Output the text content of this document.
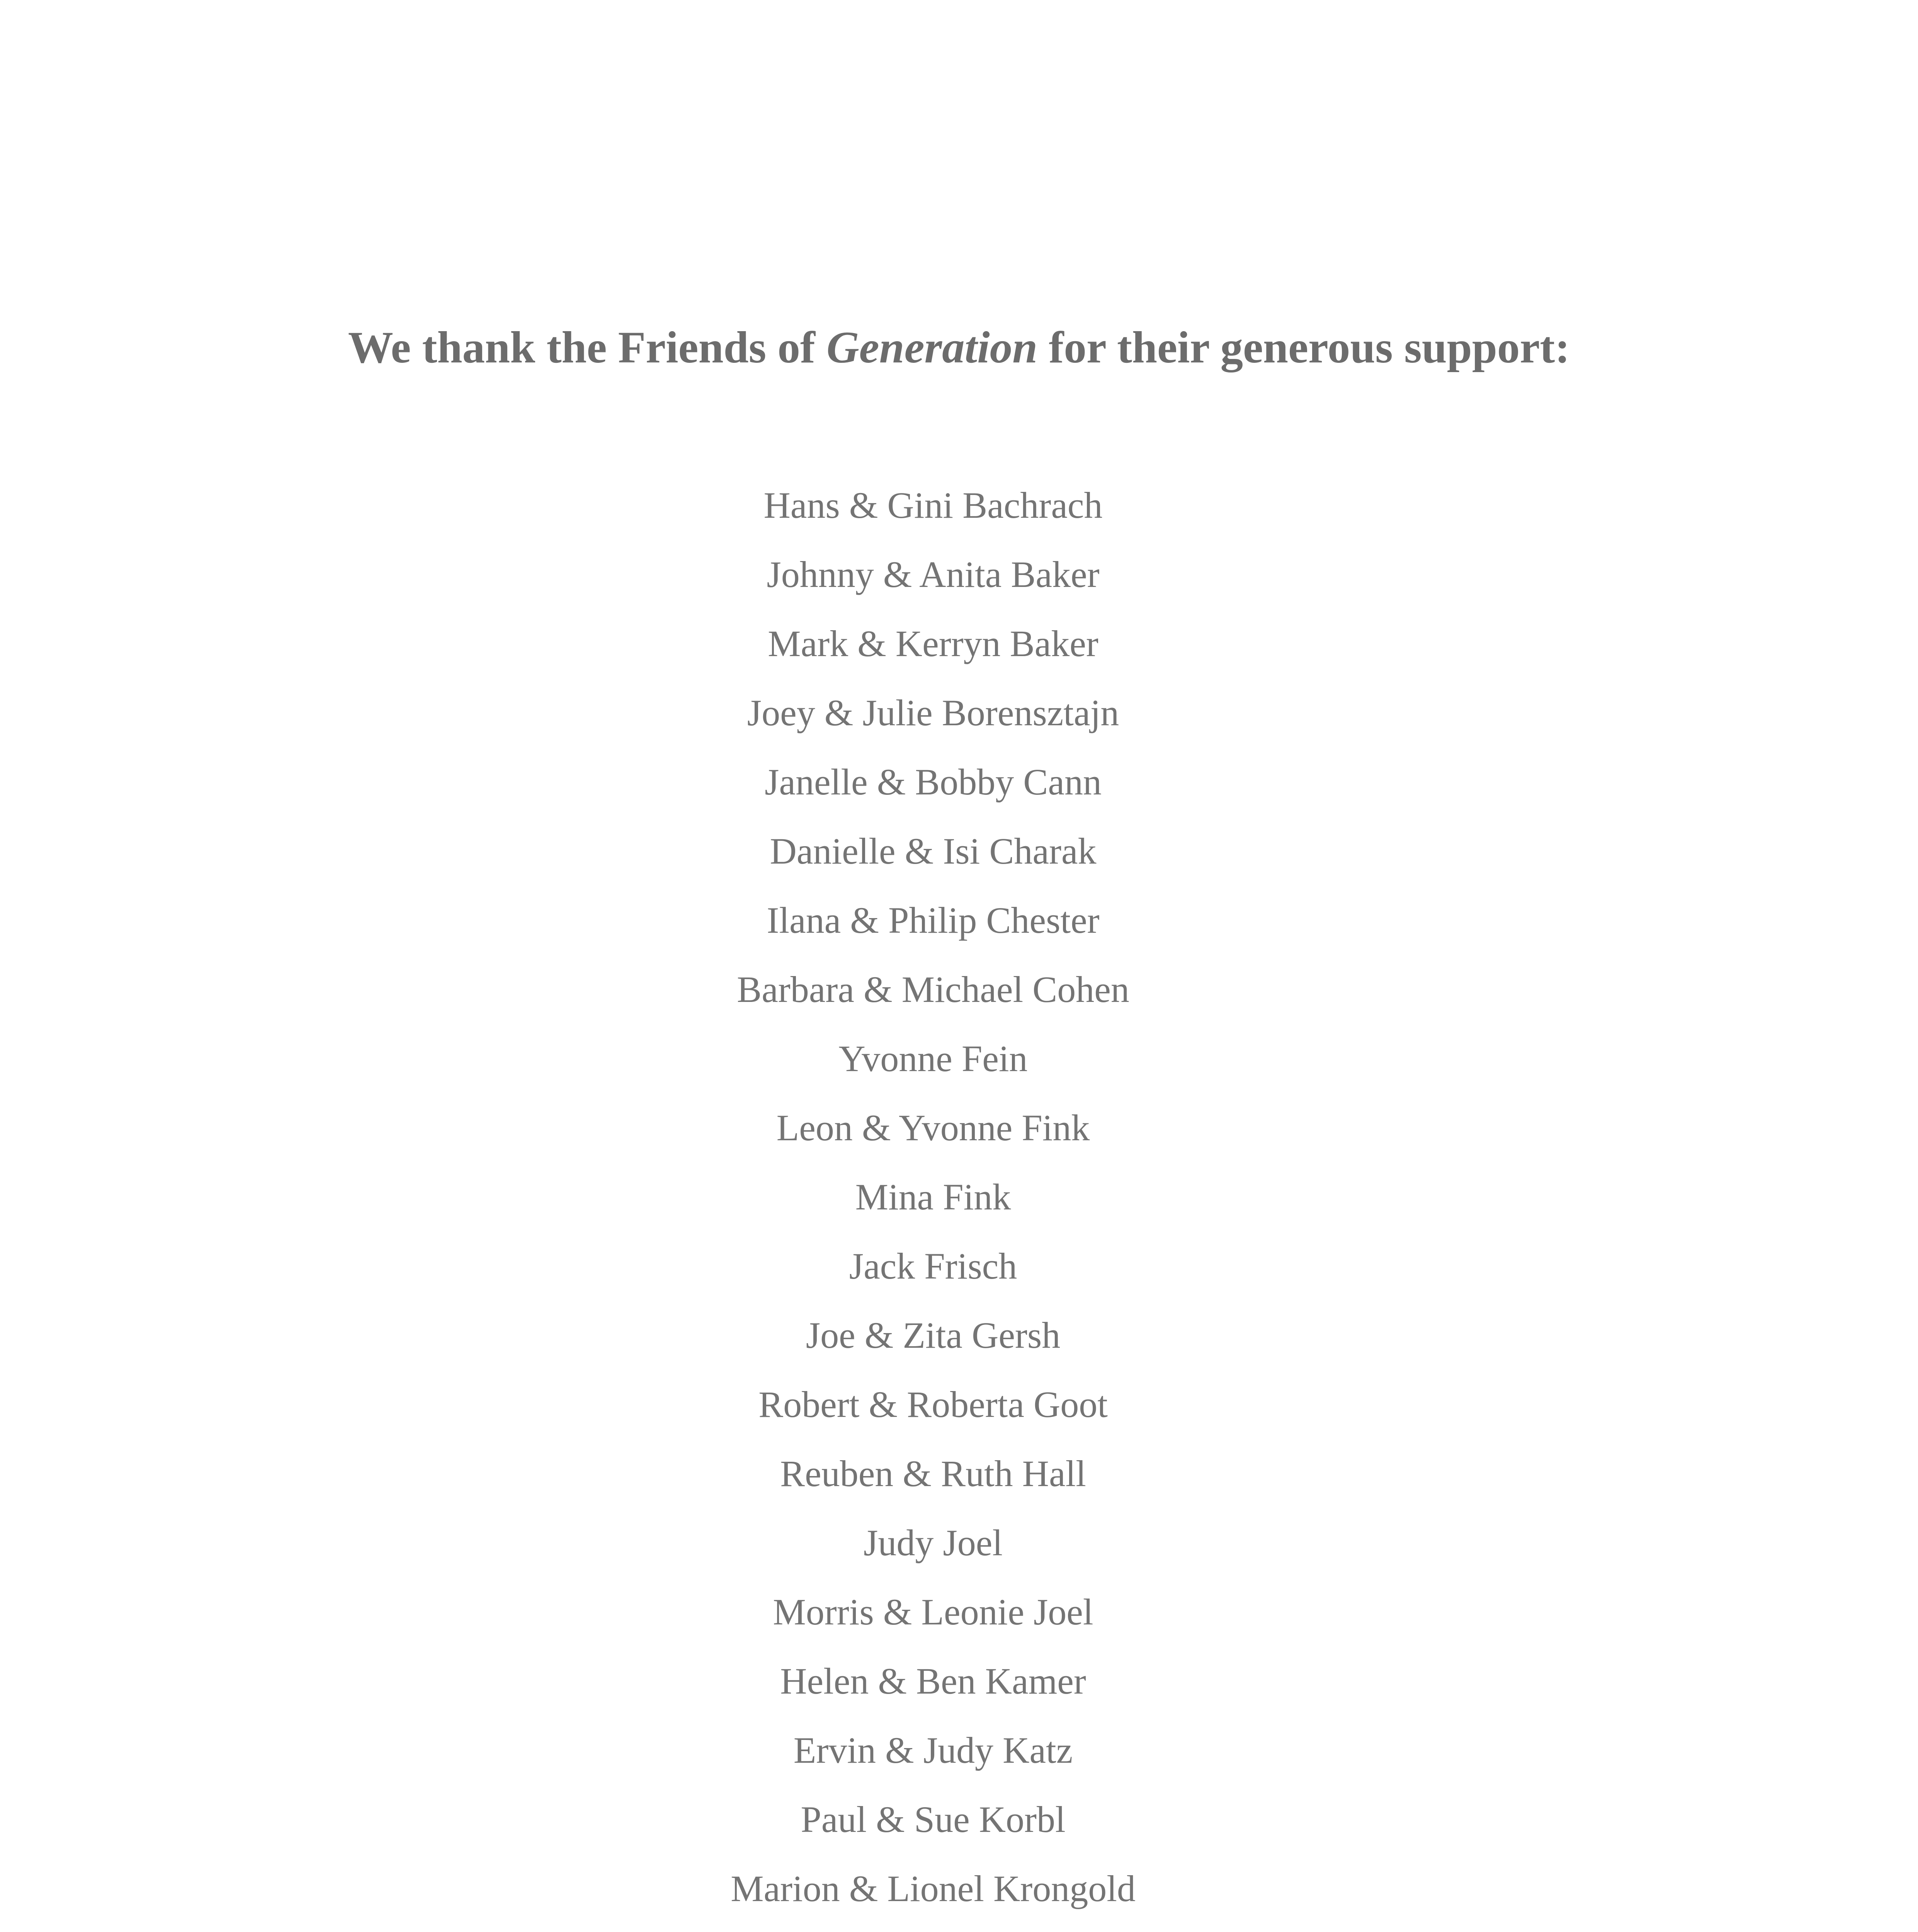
We thank the Friends of Generation for their generous support:
Hans & Gini Bachrach
Johnny & Anita Baker
Mark & Kerryn Baker
Joey & Julie Borensztajn
Janelle & Bobby Cann
Danielle & Isi Charak
Ilana & Philip Chester
Barbara & Michael Cohen
Yvonne Fein
Leon & Yvonne Fink
Mina Fink
Jack Frisch
Joe & Zita Gersh
Robert & Roberta Goot
Reuben & Ruth Hall
Judy Joel
Morris & Leonie Joel
Helen & Ben Kamer
Ervin & Judy Katz
Paul & Sue Korbl
Marion & Lionel Krongold
